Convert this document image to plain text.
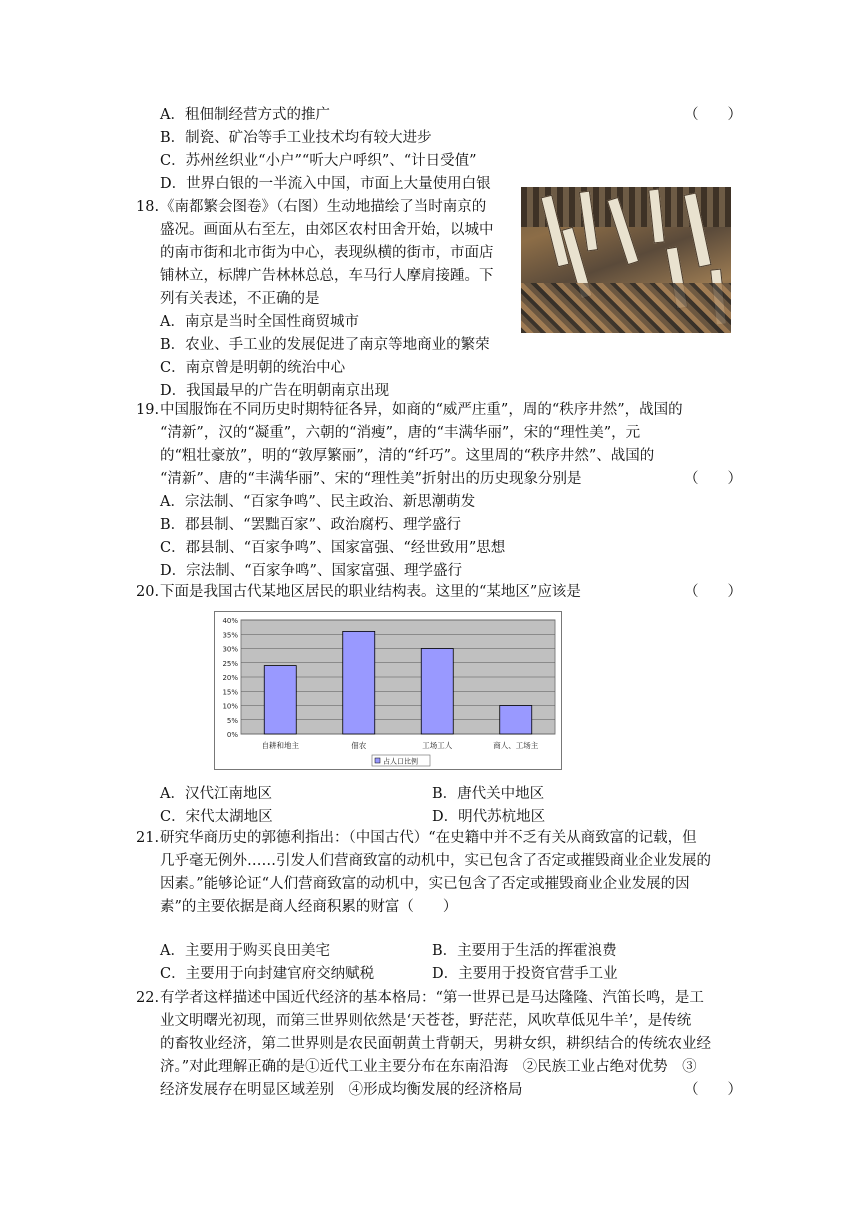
A．租佃制经营方式的推广	（　　）
B．制瓷、矿冶等手工业技术均有较大进步
C．苏州丝织业“小户”“听大户呼织”、“计日受值”
D．世界白银的一半流入中国，市面上大量使用白银
18. 《南都繁会图卷》（右图）生动地描绘了当时南京的
盛况。画面从右至左，由郊区农村田舍开始，以城中
的南市街和北市街为中心，表现纵横的街市，市面店
铺林立，标牌广告林林总总，车马行人摩肩接踵。下
列有关表述，不正确的是
A．南京是当时全国性商贸城市
B．农业、手工业的发展促进了南京等地商业的繁荣
C．南京曾是明朝的统治中心
D．我国最早的广告在明朝南京出现
19. 中国服饰在不同历史时期特征各异，如商的“威严庄重”，周的“秩序井然”，战国的
“清新”，汉的“凝重”，六朝的“消瘦”，唐的“丰满华丽”，宋的“理性美”，元
的“粗壮豪放”，明的“敦厚繁丽”，清的“纤巧”。这里周的“秩序井然”、战国的
“清新”、唐的“丰满华丽”、宋的“理性美”折射出的历史现象分别是	（　　）
A．宗法制、“百家争鸣”、民主政治、新思潮萌发
B．郡县制、“罢黜百家”、政治腐朽、理学盛行
C．郡县制、“百家争鸣”、国家富强、“经世致用”思想
D．宗法制、“百家争鸣”、国家富强、理学盛行
20. 下面是我国古代某地区居民的职业结构表。这里的“某地区”应该是	（　　）
0%
5%
10%
15%
20%
25%
30%
35%
40%
自耕和地主	佃农	工场工人	商人、工场主
占人口比例
A．汉代江南地区	B．唐代关中地区
C．宋代太湖地区	D．明代苏杭地区
21. 研究华商历史的郭德利指出：（中国古代）“在史籍中并不乏有关从商致富的记载，但
几乎毫无例外……引发人们营商致富的动机中，实已包含了否定或摧毁商业企业发展的
因素。”能够论证“人们营商致富的动机中，实已包含了否定或摧毁商业企业发展的因
素”的主要依据是商人经商积累的财富（　　）
A．主要用于购买良田美宅	B．主要用于生活的挥霍浪费
C．主要用于向封建官府交纳赋税	D．主要用于投资官营手工业
22. 有学者这样描述中国近代经济的基本格局：“第一世界已是马达隆隆、汽笛长鸣，是工
业文明曙光初现，而第三世界则依然是‘天苍苍，野茫茫，风吹草低见牛羊’，是传统
的畜牧业经济，第二世界则是农民面朝黄土背朝天，男耕女织，耕织结合的传统农业经
济。”对此理解正确的是①近代工业主要分布在东南沿海　②民族工业占绝对优势　③
经济发展存在明显区域差别　④形成均衡发展的经济格局	（　　）
